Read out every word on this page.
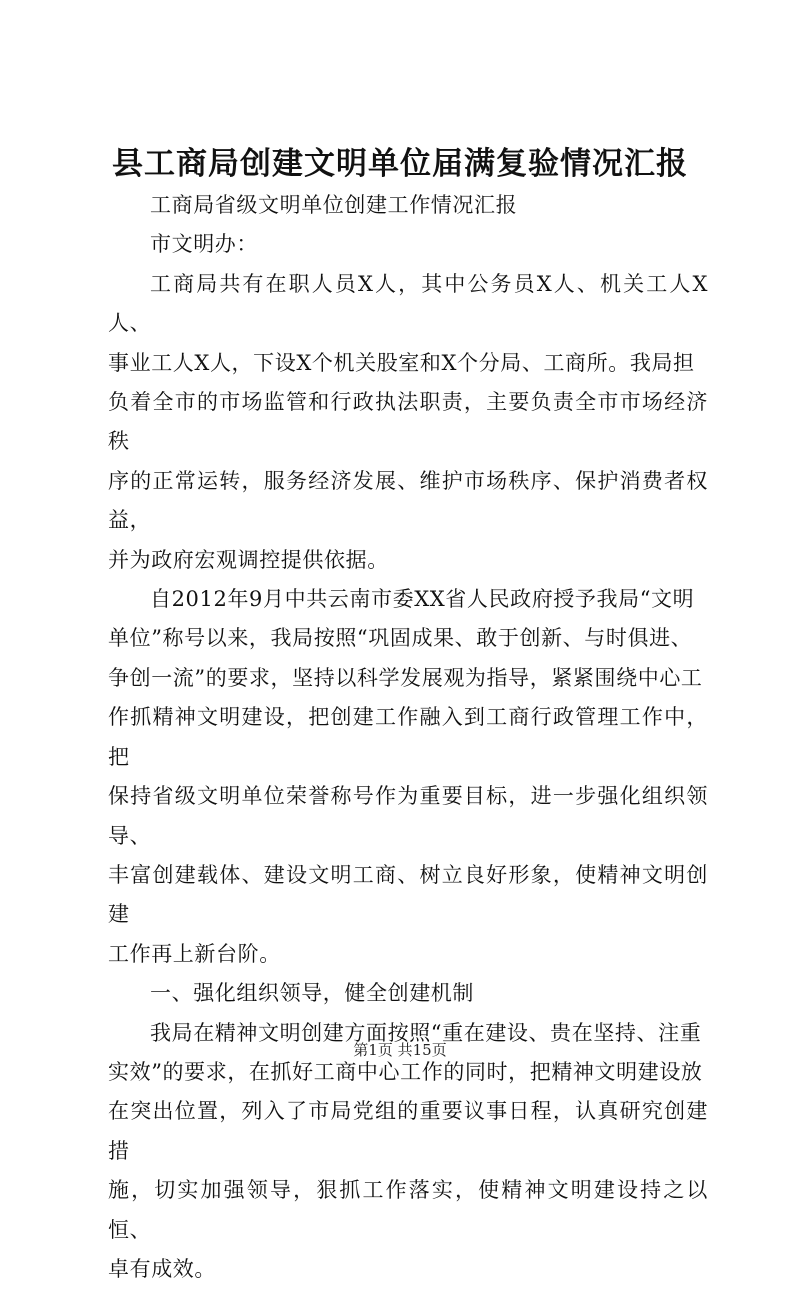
县工商局创建文明单位届满复验情况汇报

工商局省级文明单位创建工作情况汇报

市文明办：

工商局共有在职人员X人，其中公务员X人、机关工人X人、
事业工人X人，下设X个机关股室和X个分局、工商所。我局担
负着全市的市场监管和行政执法职责，主要负责全市市场经济秩
序的正常运转，服务经济发展、维护市场秩序、保护消费者权益，
并为政府宏观调控提供依据。

自2012年9月中共云南市委XX省人民政府授予我局“文明
单位”称号以来，我局按照“巩固成果、敢于创新、与时俱进、
争创一流”的要求，坚持以科学发展观为指导，紧紧围绕中心工
作抓精神文明建设，把创建工作融入到工商行政管理工作中，把
保持省级文明单位荣誉称号作为重要目标，进一步强化组织领导、
丰富创建载体、建设文明工商、树立良好形象，使精神文明创建
工作再上新台阶。

一、强化组织领导，健全创建机制

我局在精神文明创建方面按照“重在建设、贵在坚持、注重
实效”的要求，在抓好工商中心工作的同时，把精神文明建设放
在突出位置，列入了市局党组的重要议事日程，认真研究创建措
施，切实加强领导，狠抓工作落实，使精神文明建设持之以恒、
卓有成效。

第1页 共15页
